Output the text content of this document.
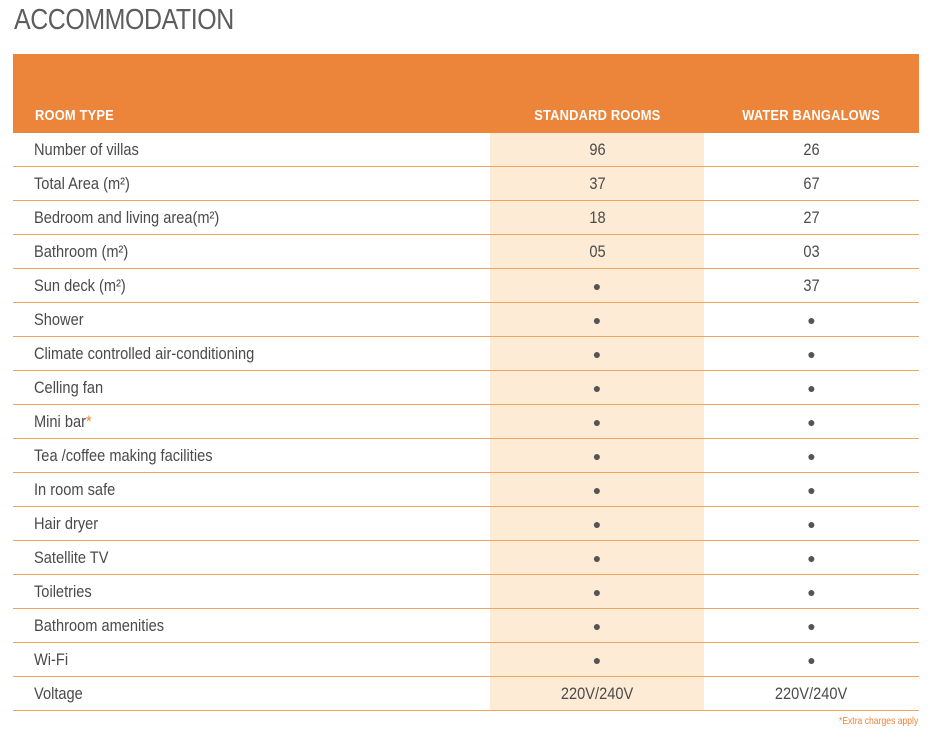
ACCOMMODATION
ROOM TYPE	STANDARD ROOMS	WATER BANGALOWS
Number of villas	96	26
Total Area (m²)	37	67
Bedroom and living area(m²)	18	27
Bathroom (m²)	05	03
Sun deck (m²)	●	37
Shower	●	●
Climate controlled air-conditioning	●	●
Celling fan	●	●
Mini bar*	●	●
Tea /coffee making facilities	●	●
In room safe	●	●
Hair dryer	●	●
Satellite TV	●	●
Toiletries	●	●
Bathroom amenities	●	●
Wi-Fi	●	●
Voltage	220V/240V	220V/240V
*Extra charges apply
